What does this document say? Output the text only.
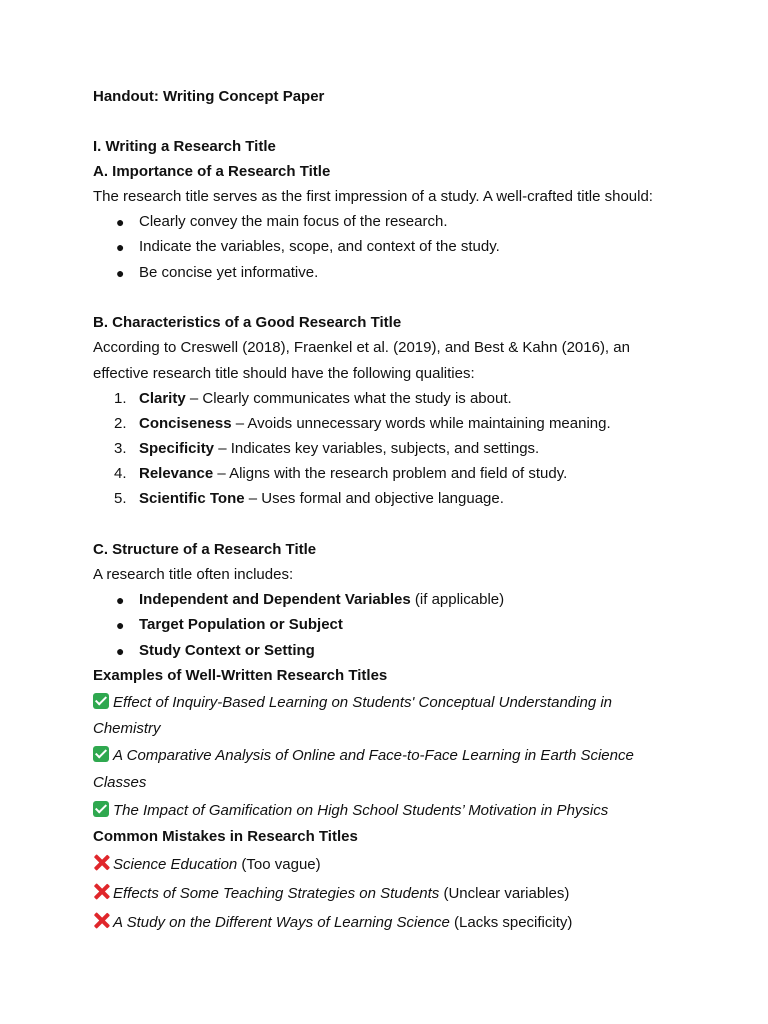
Handout: Writing Concept Paper
I. Writing a Research Title
A. Importance of a Research Title
The research title serves as the first impression of a study. A well-crafted title should:
● Clearly convey the main focus of the research.
● Indicate the variables, scope, and context of the study.
● Be concise yet informative.
B. Characteristics of a Good Research Title
According to Creswell (2018), Fraenkel et al. (2019), and Best & Kahn (2016), an
effective research title should have the following qualities:
1. Clarity – Clearly communicates what the study is about.
2. Conciseness – Avoids unnecessary words while maintaining meaning.
3. Specificity – Indicates key variables, subjects, and settings.
4. Relevance – Aligns with the research problem and field of study.
5. Scientific Tone – Uses formal and objective language.
C. Structure of a Research Title
A research title often includes:
● Independent and Dependent Variables (if applicable)
● Target Population or Subject
● Study Context or Setting
Examples of Well-Written Research Titles
Effect of Inquiry-Based Learning on Students' Conceptual Understanding in
Chemistry
A Comparative Analysis of Online and Face-to-Face Learning in Earth Science
Classes
The Impact of Gamification on High School Students’ Motivation in Physics
Common Mistakes in Research Titles
Science Education (Too vague)
Effects of Some Teaching Strategies on Students (Unclear variables)
A Study on the Different Ways of Learning Science (Lacks specificity)
